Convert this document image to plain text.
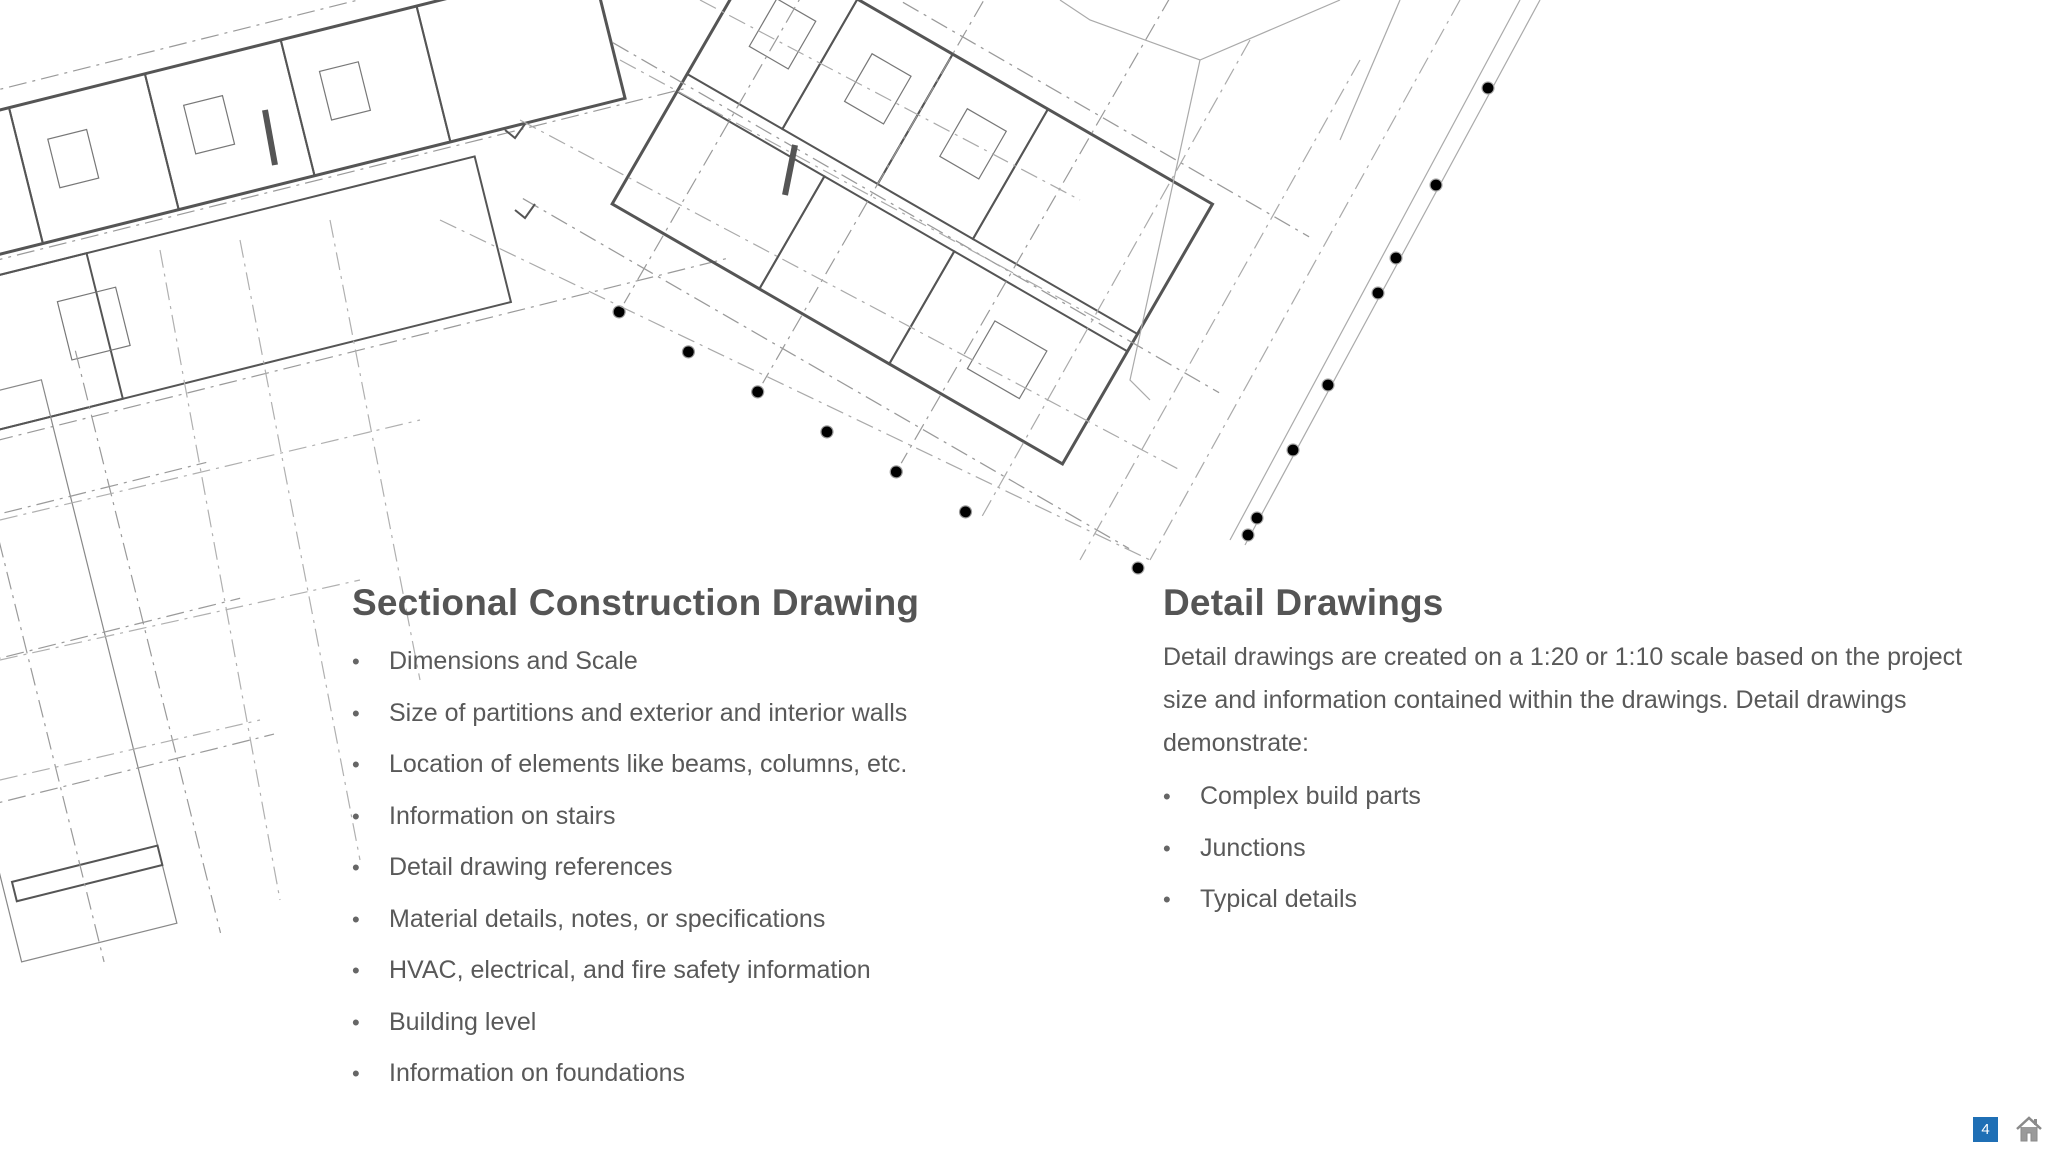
Sectional Construction Drawing
• Dimensions and Scale
• Size of partitions and exterior and interior walls
• Location of elements like beams, columns, etc.
• Information on stairs
• Detail drawing references
• Material details, notes, or specifications
• HVAC, electrical, and fire safety information
• Building level
• Information on foundations
Detail Drawings

Detail drawings are created on a 1:20 or 1:10 scale based on the project size and information contained within the drawings. Detail drawings demonstrate:

• Complex build parts
• Junctions
• Typical details
4
